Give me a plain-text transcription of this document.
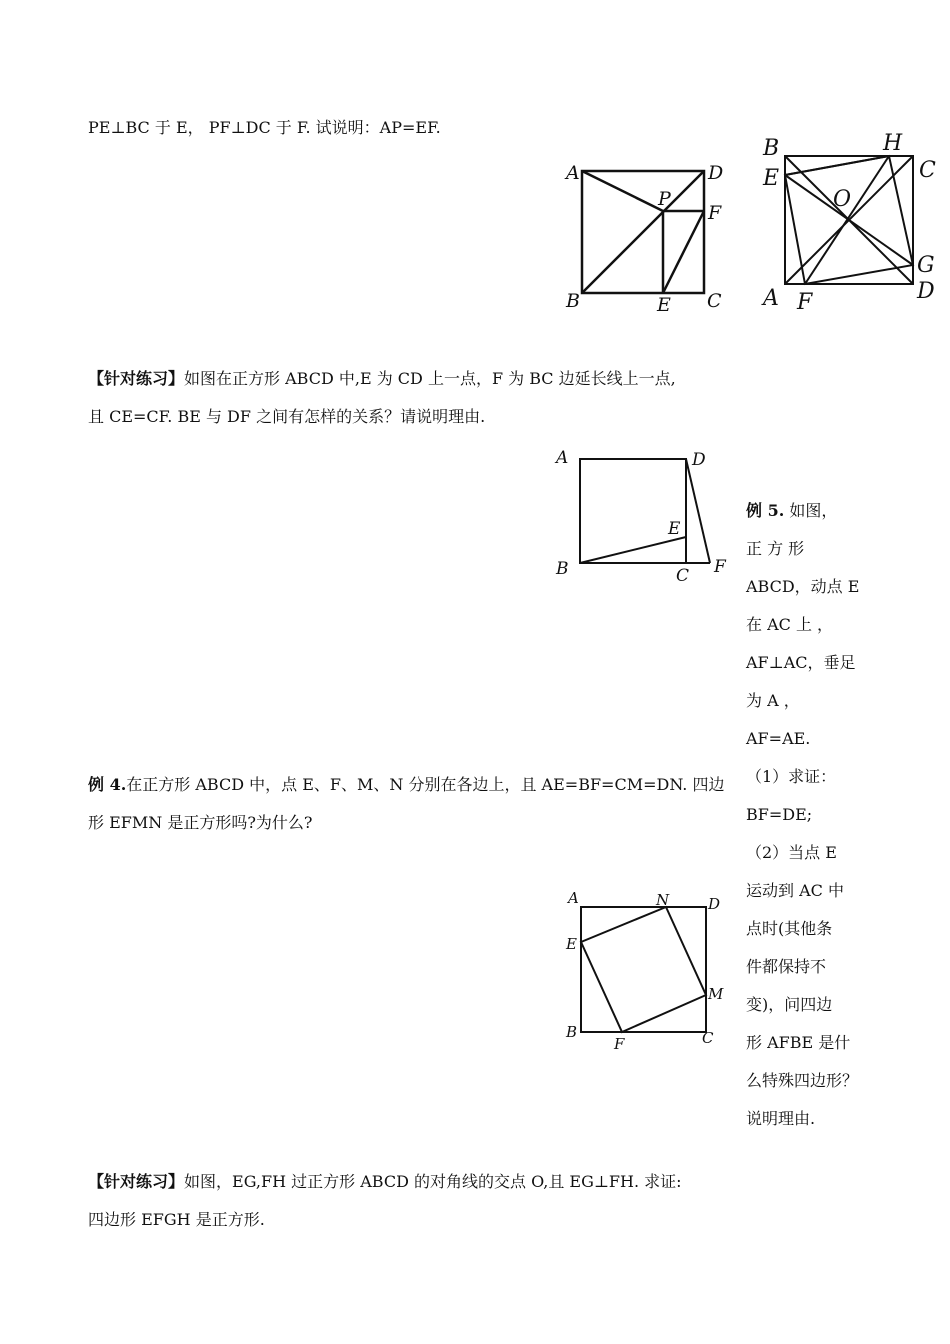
PE⊥BC 于 E， PF⊥DC 于 F. 试说明：AP=EF.
A	D
B	C
E
F
P
B
E
H
C
O
G
D
A F
【针对练习】如图在正方形 ABCD 中,E 为 CD 上一点，F 为 BC 边延长线上一点,
且 CE=CF. BE 与 DF 之间有怎样的关系？请说明理由.
A	D
E
B	C F
例 5. 如图，
正 方 形
ABCD，动点 E
在 AC 上 ，
AF⊥AC，垂足
为 A ，
AF=AE.
（1）求证：
BF=DE;
（2）当点 E
运动到 AC 中
点时(其他条
件都保持不
变)，问四边
形 AFBE 是什
么特殊四边形？
说明理由.
例 4.在正方形 ABCD 中，点 E、F、M、N 分别在各边上，且 AE=BF=CM=DN. 四边
形 EFMN 是正方形吗?为什么?
A	N	D
E
M
B
F	C
【针对练习】如图，EG,FH 过正方形 ABCD 的对角线的交点 O,且 EG⊥FH. 求证:
四边形 EFGH 是正方形.
